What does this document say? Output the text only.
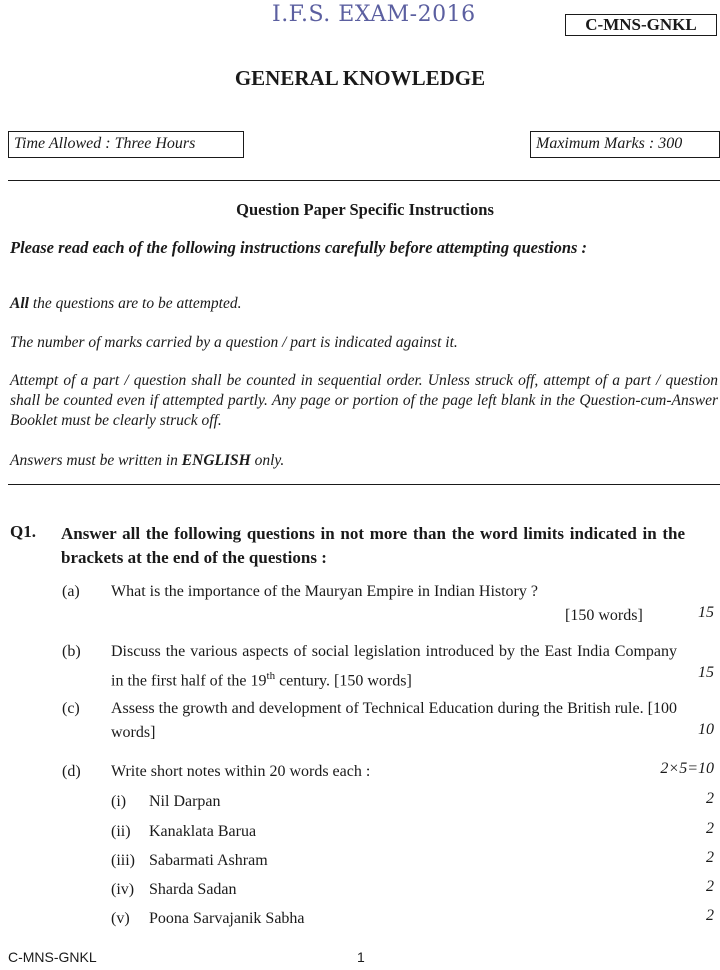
I.F.S. EXAM-2016	C-MNS-GNKL
GENERAL KNOWLEDGE
Time Allowed : Three Hours	Maximum Marks : 300
Question Paper Specific Instructions
Please read each of the following instructions carefully before attempting questions :
All the questions are to be attempted.
The number of marks carried by a question / part is indicated against it.
Attempt of a part / question shall be counted in sequential order. Unless struck off, attempt of a part / question shall be counted even if attempted partly. Any page or portion of the page left blank in the Question-cum-Answer Booklet must be clearly struck off.
Answers must be written in ENGLISH only.
Q1. Answer all the following questions in not more than the word limits indicated in the brackets at the end of the questions :
(a) What is the importance of the Mauryan Empire in Indian History ?
[150 words]	15
(b) Discuss the various aspects of social legislation introduced by the East India Company in the first half of the 19th century. [150 words]	15
(c) Assess the growth and development of Technical Education during the British rule. [100 words]	10
(d) Write short notes within 20 words each :	2×5=10
(i) Nil Darpan	2
(ii) Kanaklata Barua	2
(iii) Sabarmati Ashram	2
(iv) Sharda Sadan	2
(v) Poona Sarvajanik Sabha	2
C-MNS-GNKL	1
